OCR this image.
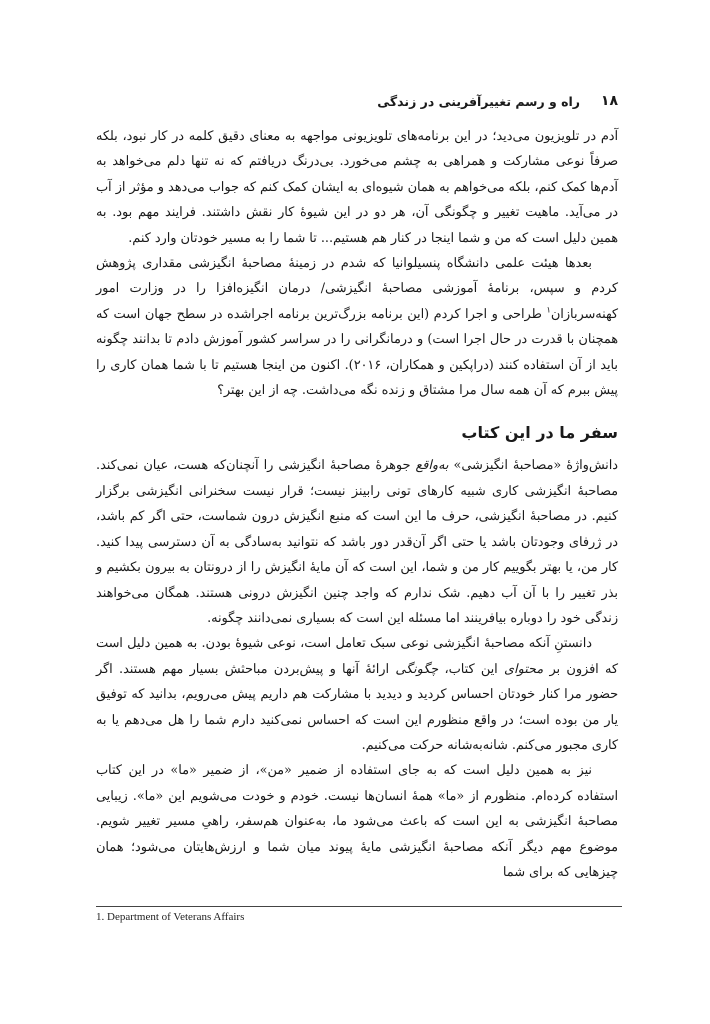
۱۸
راه و رسم تغییرآفرینی در زندگی

آدم در تلویزیون می‌دید؛ در این برنامه‌های تلویزیونی مواجهه به معنای دقیق کلمه در کار نبود، بلکه صرفاً نوعی مشارکت و همراهی به چشم می‌خورد. بی‌درنگ دریافتم که نه تنها دلم می‌خواهد به آدم‌ها کمک کنم، بلکه می‌خواهم به همان شیوه‌ای به ایشان کمک کنم که جواب می‌دهد و مؤثر از آب در می‌آید. ماهیت تغییر و چگونگی آن، هر دو در این شیوهٔ کار نقش داشتند. فرایند مهم بود. به همین دلیل است که من و شما اینجا در کنار هم هستیم... تا شما را به مسیر خودتان وارد کنم.

بعدها هیئت علمی دانشگاه پنسیلوانیا که شدم در زمینهٔ مصاحبهٔ انگیزشی مقداری پژوهش کردم و سپس، برنامهٔ آموزشی مصاحبهٔ انگیزشی/ درمان انگیزه‌افزا را در وزارت امور کهنه‌سربازان$^۱$ طراحی و اجرا کردم (این برنامه بزرگ‌ترین برنامه اجراشده در سطح جهان است که همچنان با قدرت در حال اجرا است) و درمانگرانی را در سراسر کشور آموزش دادم تا بدانند چگونه باید از آن استفاده کنند (دراپکین و همکاران، ۲۰۱۶). اکنون من اینجا هستیم تا با شما همان کاری را پیش ببرم که آن همه سال مرا مشتاق و زنده نگه می‌داشت. چه از این بهتر؟

سفر ما در این کتاب

دانش‌واژهٔ «مصاحبهٔ انگیزشی» به‌واقع جوهرهٔ مصاحبهٔ انگیزشی را آنچنان‌که هست، عیان نمی‌کند. مصاحبهٔ انگیزشی کاری شبیه کارهای تونی رابینز نیست؛ قرار نیست سخنرانی انگیزشی برگزار کنیم. در مصاحبهٔ انگیزشی، حرف ما این است که منبع انگیزش درون شماست، حتی اگر کم باشد، در ژرفای وجودتان باشد یا حتی اگر آن‌قدر دور باشد که نتوانید به‌سادگی به آن دسترسی پیدا کنید. کار من، یا بهتر بگوییم کار من و شما، این است که آن مایهٔ انگیزش را از درونتان به بیرون بکشیم و بذر تغییر را با آن آب دهیم. شک ندارم که واجد چنین انگیزش درونی هستند. همگان می‌خواهند زندگی خود را دوباره بیافرینند اما مسئله این است که بسیاری نمی‌دانند چگونه.

دانستنِ آنکه مصاحبهٔ انگیزشی نوعی سبک تعامل است، نوعی شیوهٔ بودن. به همین دلیل است که افزون بر محتوای این کتاب، چگونگی ارائهٔ آنها و پیش‌بردن مباحثش بسیار مهم هستند. اگر حضور مرا کنار خودتان احساس کردید و دیدید با مشارکت هم داریم پیش می‌رویم، بدانید که توفیق یار من بوده است؛ در واقع منظورم این است که احساس نمی‌کنید دارم شما را هل می‌دهم یا به کاری مجبور می‌کنم. شانه‌به‌شانه حرکت می‌کنیم.

نیز به همین دلیل است که به جای استفاده از ضمیر «من»، از ضمیر «ما» در این کتاب استفاده کرده‌ام. منظورم از «ما» همهٔ انسان‌ها نیست. خودم و خودت می‌شویم این «ما». زیبایی مصاحبهٔ انگیزشی به این است که باعث می‌شود ما، به‌عنوان هم‌سفر، راهیِ مسیر تغییر شویم. موضوع مهم دیگر آنکه مصاحبهٔ انگیزشی مایهٔ پیوند میان شما و ارزش‌هایتان می‌شود؛ همان چیزهایی که برای شما

1. Department of Veterans Affairs
